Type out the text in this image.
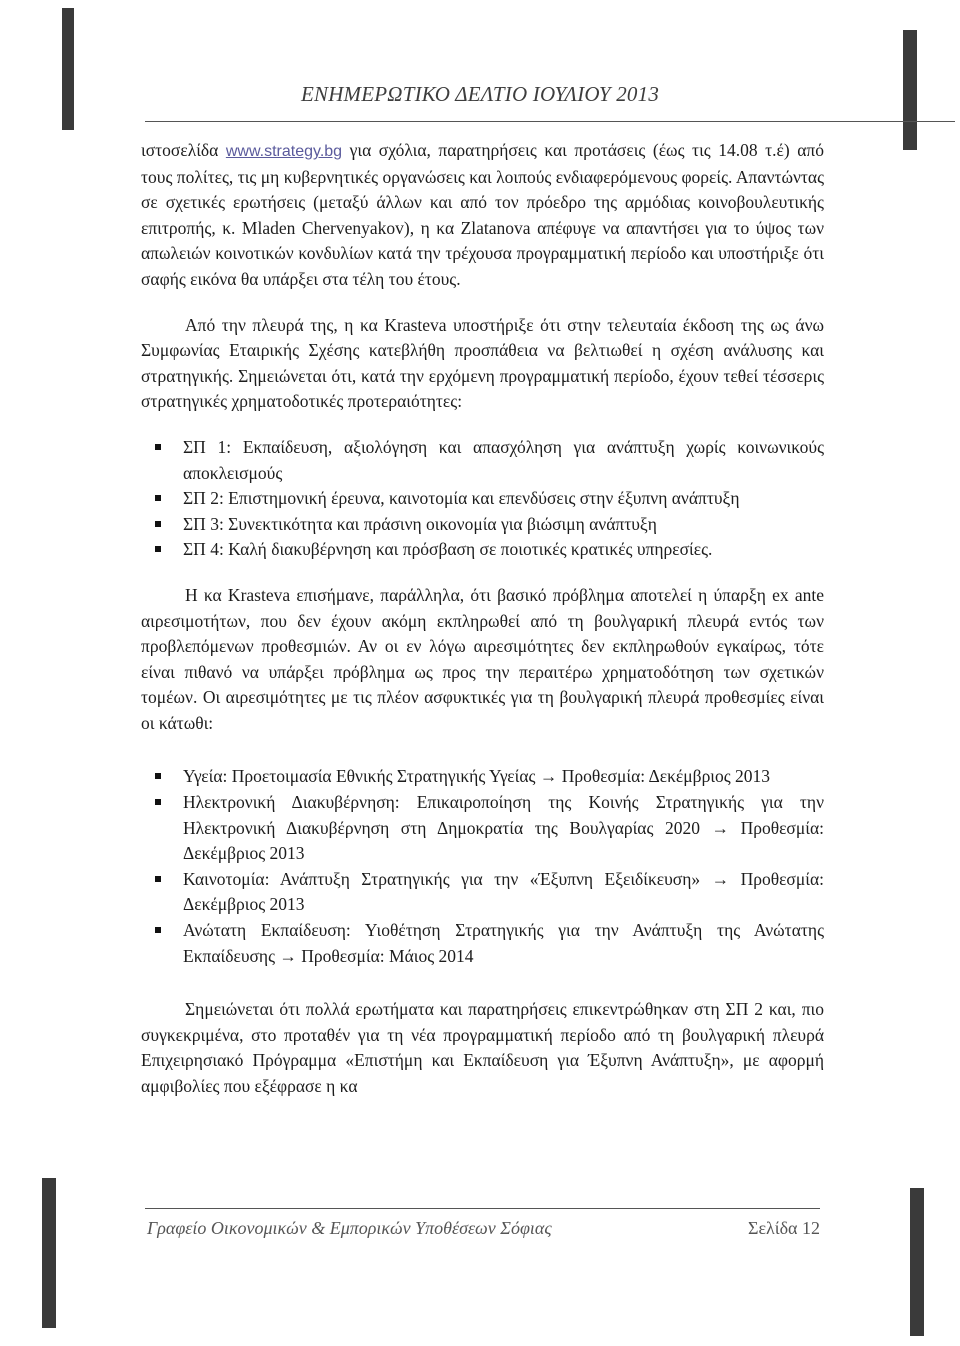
ΕΝΗΜΕΡΩΤΙΚΟ ΔΕΛΤΙΟ ΙΟΥΛΙΟΥ 2013

ιστοσελίδα www.strategy.bg για σχόλια, παρατηρήσεις και προτάσεις (έως τις 14.08 τ.έ) από τους πολίτες, τις μη κυβερνητικές οργανώσεις και λοιπούς ενδιαφερόμενους φορείς. Απαντώντας σε σχετικές ερωτήσεις (μεταξύ άλλων και από τον πρόεδρο της αρμόδιας κοινοβουλευτικής επιτροπής, κ. Mladen Chervenyakov), η κα Zlatanova απέφυγε να απαντήσει για το ύψος των απωλειών κοινοτικών κονδυλίων κατά την τρέχουσα προγραμματική περίοδο και υποστήριξε ότι σαφής εικόνα θα υπάρξει στα τέλη του έτους.

Από την πλευρά της, η κα Krasteva υποστήριξε ότι στην τελευταία έκδοση της ως άνω Συμφωνίας Εταιρικής Σχέσης κατεβλήθη προσπάθεια να βελτιωθεί η σχέση ανάλυσης και στρατηγικής. Σημειώνεται ότι, κατά την ερχόμενη προγραμματική περίοδο, έχουν τεθεί τέσσερις στρατηγικές χρηματοδοτικές προτεραιότητες:

ΣΠ 1: Εκπαίδευση, αξιολόγηση και απασχόληση για ανάπτυξη χωρίς κοινωνικούς αποκλεισμούς
ΣΠ 2: Επιστημονική έρευνα, καινοτομία και επενδύσεις στην έξυπνη ανάπτυξη
ΣΠ 3: Συνεκτικότητα και πράσινη οικονομία για βιώσιμη ανάπτυξη
ΣΠ 4: Καλή διακυβέρνηση και πρόσβαση σε ποιοτικές κρατικές υπηρεσίες.

Η κα Krasteva επισήμανε, παράλληλα, ότι βασικό πρόβλημα αποτελεί η ύπαρξη ex ante αιρεσιμοτήτων, που δεν έχουν ακόμη εκπληρωθεί από τη βουλγαρική πλευρά εντός των προβλεπόμενων προθεσμιών. Αν οι εν λόγω αιρεσιμότητες δεν εκπληρωθούν εγκαίρως, τότε είναι πιθανό να υπάρξει πρόβλημα ως προς την περαιτέρω χρηματοδότηση των σχετικών τομέων. Οι αιρεσιμότητες με τις πλέον ασφυκτικές για τη βουλγαρική πλευρά προθεσμίες είναι οι κάτωθι:

Υγεία: Προετοιμασία Εθνικής Στρατηγικής Υγείας → Προθεσμία: Δεκέμβριος 2013
Ηλεκτρονική Διακυβέρνηση: Επικαιροποίηση της Κοινής Στρατηγικής για την Ηλεκτρονική Διακυβέρνηση στη Δημοκρατία της Βουλγαρίας 2020 → Προθεσμία: Δεκέμβριος 2013
Καινοτομία: Ανάπτυξη Στρατηγικής για την «Έξυπνη Εξειδίκευση» → Προθεσμία: Δεκέμβριος 2013
Ανώτατη Εκπαίδευση: Υιοθέτηση Στρατηγικής για την Ανάπτυξη της Ανώτατης Εκπαίδευσης → Προθεσμία: Μάιος 2014

Σημειώνεται ότι πολλά ερωτήματα και παρατηρήσεις επικεντρώθηκαν στη ΣΠ 2 και, πιο συγκεκριμένα, στο προταθέν για τη νέα προγραμματική περίοδο από τη βουλγαρική πλευρά Επιχειρησιακό Πρόγραμμα «Επιστήμη και Εκπαίδευση για Έξυπνη Ανάπτυξη», με αφορμή αμφιβολίες που εξέφρασε η κα

Γραφείο Οικονομικών & Εμπορικών Υποθέσεων Σόφιας	Σελίδα 12
